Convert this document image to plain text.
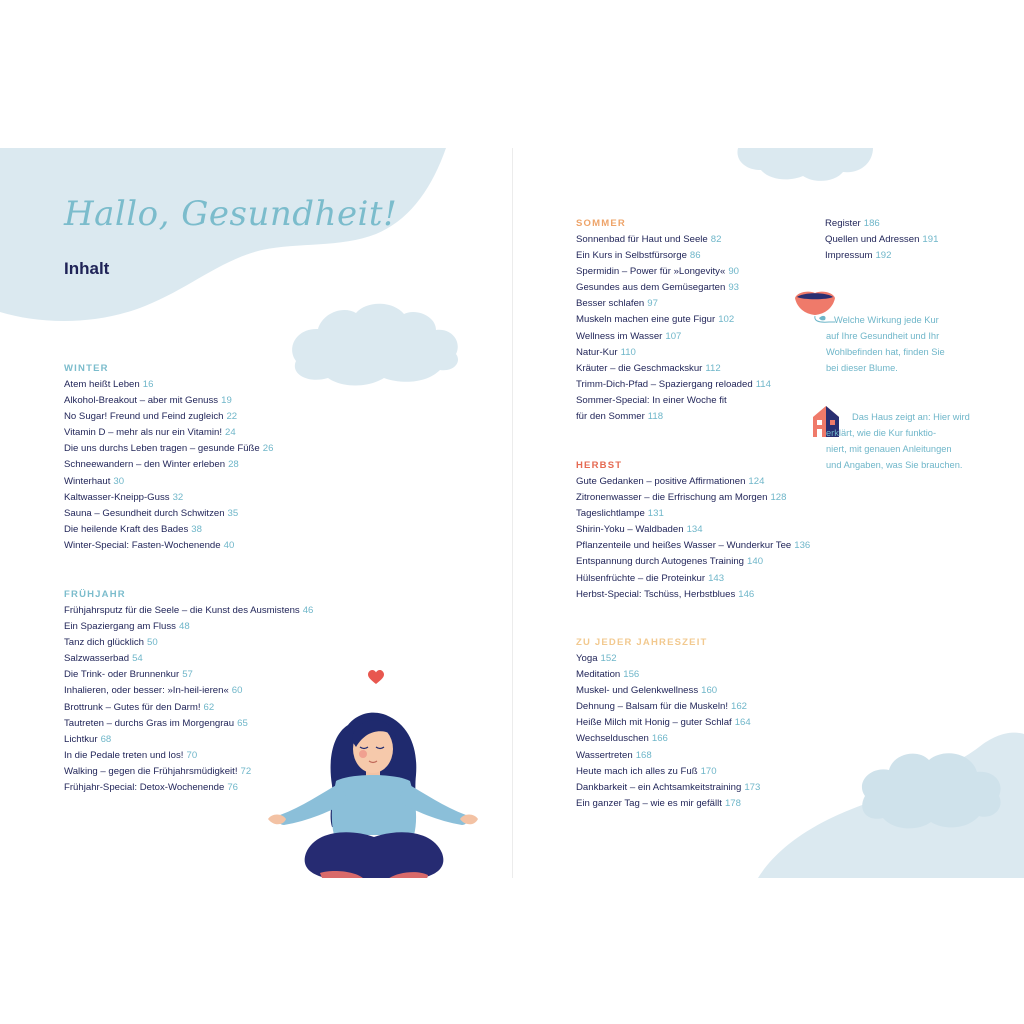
Hallo, Gesundheit!
Inhalt
WINTER
Atem heißt Leben 16
Alkohol-Breakout – aber mit Genuss 19
No Sugar! Freund und Feind zugleich 22
Vitamin D – mehr als nur ein Vitamin! 24
Die uns durchs Leben tragen – gesunde Füße 26
Schneewandern – den Winter erleben 28
Winterhaut 30
Kaltwasser-Kneipp-Guss 32
Sauna – Gesundheit durch Schwitzen 35
Die heilende Kraft des Bades 38
Winter-Special: Fasten-Wochenende 40
FRÜHJAHR
Frühjahrsputz für die Seele – die Kunst des Ausmistens 46
Ein Spaziergang am Fluss 48
Tanz dich glücklich 50
Salzwasserbad 54
Die Trink- oder Brunnenkur 57
Inhalieren, oder besser: »In-heil-ieren« 60
Brottrunk – Gutes für den Darm! 62
Tautreten – durchs Gras im Morgengrau 65
Lichtkur 68
In die Pedale treten und los! 70
Walking – gegen die Frühjahrsmüdigkeit! 72
Frühjahr-Special: Detox-Wochenende 76
SOMMER
Sonnenbad für Haut und Seele 82
Ein Kurs in Selbstfürsorge 86
Spermidin – Power für »Longevity« 90
Gesundes aus dem Gemüsegarten 93
Besser schlafen 97
Muskeln machen eine gute Figur 102
Wellness im Wasser 107
Natur-Kur 110
Kräuter – die Geschmackskur 112
Trimm-Dich-Pfad – Spaziergang reloaded 114
Sommer-Special: In einer Woche fit
für den Sommer 118
HERBST
Gute Gedanken – positive Affirmationen 124
Zitronenwasser – die Erfrischung am Morgen 128
Tageslichtlampe 131
Shirin-Yoku – Waldbaden 134
Pflanzenteile und heißes Wasser – Wunderkur Tee 136
Entspannung durch Autogenes Training 140
Hülsenfrüchte – die Proteinkur 143
Herbst-Special: Tschüss, Herbstblues 146
ZU JEDER JAHRESZEIT
Yoga 152
Meditation 156
Muskel- und Gelenkwellness 160
Dehnung – Balsam für die Muskeln! 162
Heiße Milch mit Honig – guter Schlaf 164
Wechselduschen 166
Wassertreten 168
Heute mach ich alles zu Fuß 170
Dankbarkeit – ein Achtsamkeitstraining 173
Ein ganzer Tag – wie es mir gefällt 178
Register 186
Quellen und Adressen 191
Impressum 192
Welche Wirkung jede Kur
auf Ihre Gesundheit und Ihr
Wohlbefinden hat, finden Sie
bei dieser Blume.
Das Haus zeigt an: Hier wird
erklärt, wie die Kur funktio-
niert, mit genauen Anleitungen
und Angaben, was Sie brauchen.
